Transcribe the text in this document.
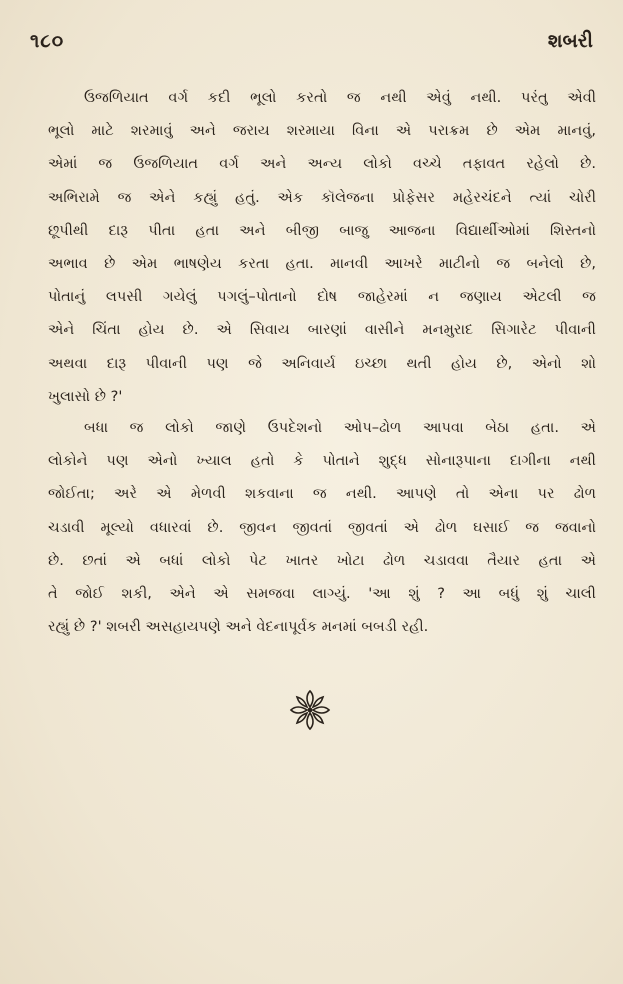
૧૮૦	શબરી
ઉજળિયાત વર્ગ કદી ભૂલો કરતો જ નથી એવું નથી. પરંતુ એવી
ભૂલો માટે શરમાવું અને જરાય શરમાયા વિના એ પરાક્રમ છે એમ માનવું,
એમાં જ ઉજળિયાત વર્ગ અને અન્ય લોકો વચ્ચે તફાવત રહેલો છે.
અભિરામે જ એને કહ્યું હતું. એક કૉલેજના પ્રોફેસર મહેરચંદને ત્યાં ચોરી
છૂપીથી દારૂ પીતા હતા અને બીજી બાજુ આજના વિદ્યાર્થીઓમાં શિસ્તનો
અભાવ છે એમ ભાષણેય કરતા હતા. માનવી આખરે માટીનો જ બનેલો છે,
પોતાનું લપસી ગયેલું પગલું–પોતાનો દોષ જાહેરમાં ન જણાય એટલી જ
એને ચિંતા હોય છે. એ સિવાય બારણાં વાસીને મનમુરાદ સિગારેટ પીવાની
અથવા દારૂ પીવાની પણ જે અનિવાર્ય ઇચ્છા થતી હોય છે, એનો શો
ખુલાસો છે ?'
બધા જ લોકો જાણે ઉપદેશનો ઓપ–ઢોળ આપવા બેઠા હતા. એ
લોકોને પણ એનો ખ્યાલ હતો કે પોતાને શુદ્ધ સોનારૂપાના દાગીના નથી
જોઈતા; અરે એ મેળવી શકવાના જ નથી. આપણે તો એના પર ઢોળ
ચડાવી મૂલ્યો વધારવાં છે. જીવન જીવતાં જીવતાં એ ઢોળ ઘસાઈ જ જવાનો
છે. છતાં એ બધાં લોકો પેટ ખાતર ખોટા ઢોળ ચડાવવા તૈયાર હતા એ
તે જોઈ શકી, એને એ સમજવા લાગ્યું. 'આ શું ? આ બધું શું ચાલી
રહ્યું છે ?' શબરી અસહાયપણે અને વેદનાપૂર્વક મનમાં બબડી રહી.
